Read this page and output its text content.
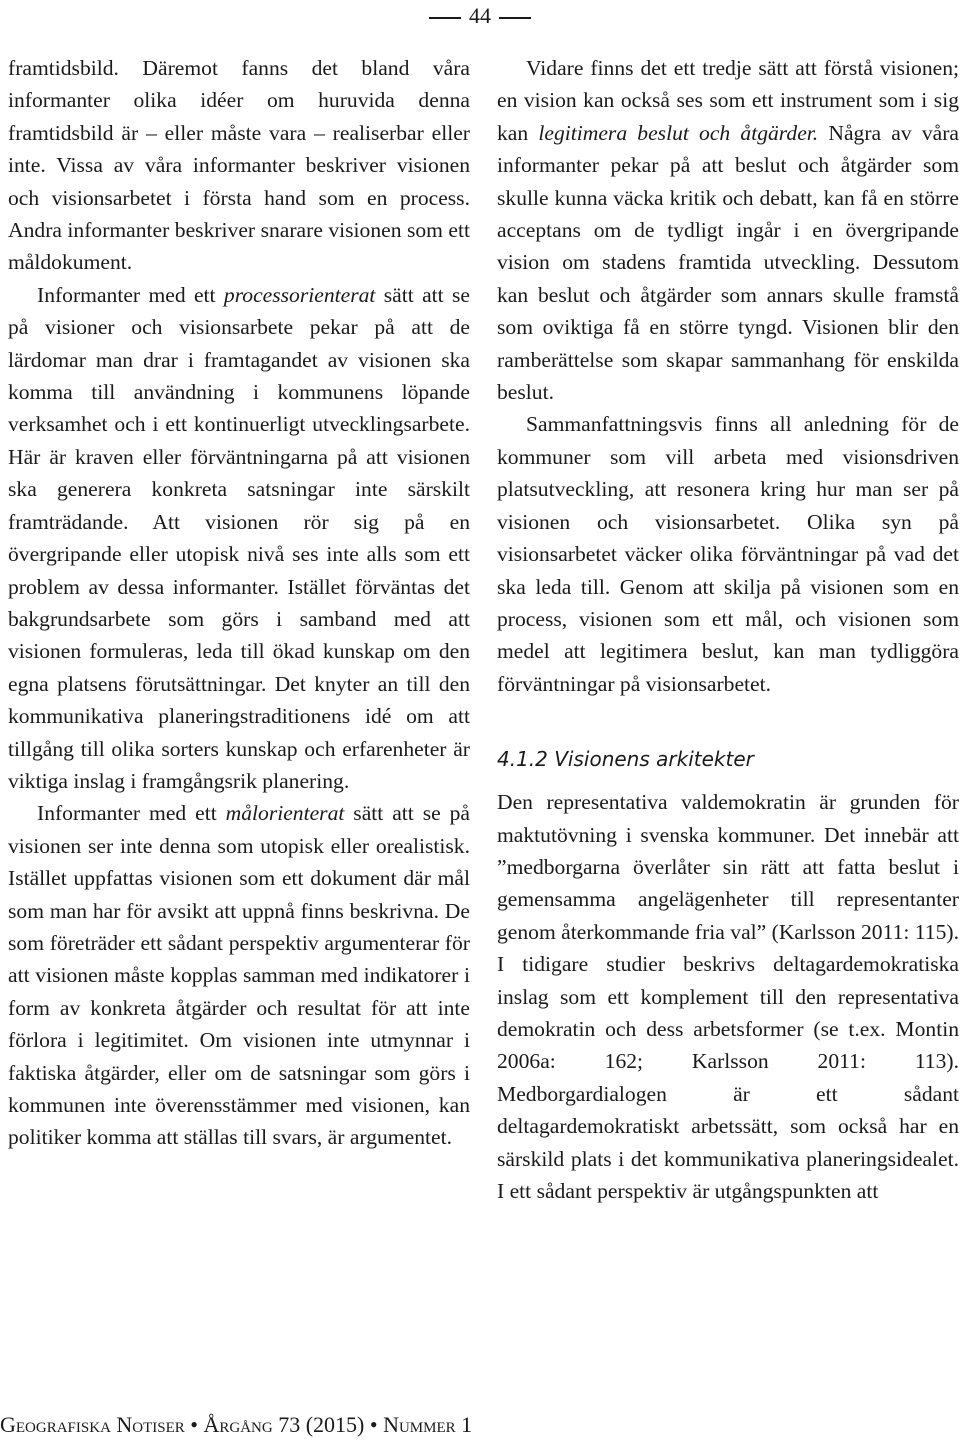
44

framtidsbild. Däremot fanns det bland våra informanter olika idéer om huruvida denna framtidsbild är – eller måste vara – realiserbar eller inte. Vissa av våra informanter beskriver visionen och visionsarbetet i första hand som en process. Andra informanter beskriver snarare visionen som ett måldokument.

Informanter med ett processorienterat sätt att se på visioner och visionsarbete pekar på att de lärdomar man drar i framtagandet av visionen ska komma till användning i kommunens löpande verksamhet och i ett kontinuerligt utvecklingsarbete. Här är kraven eller förväntningarna på att visionen ska generera konkreta satsningar inte särskilt framträdande. Att visionen rör sig på en övergripande eller utopisk nivå ses inte alls som ett problem av dessa informanter. Istället förväntas det bakgrundsarbete som görs i samband med att visionen formuleras, leda till ökad kunskap om den egna platsens förutsättningar. Det knyter an till den kommunikativa planeringstraditionens idé om att tillgång till olika sorters kunskap och erfarenheter är viktiga inslag i framgångsrik planering.

Informanter med ett målorienterat sätt att se på visionen ser inte denna som utopisk eller orealistisk. Istället uppfattas visionen som ett dokument där mål som man har för avsikt att uppnå finns beskrivna. De som företräder ett sådant perspektiv argumenterar för att visionen måste kopplas samman med indikatorer i form av konkreta åtgärder och resultat för att inte förlora i legitimitet. Om visionen inte utmynnar i faktiska åtgärder, eller om de satsningar som görs i kommunen inte överensstämmer med visionen, kan politiker komma att ställas till svars, är argumentet.

Vidare finns det ett tredje sätt att förstå visionen; en vision kan också ses som ett instrument som i sig kan legitimera beslut och åtgärder. Några av våra informanter pekar på att beslut och åtgärder som skulle kunna väcka kritik och debatt, kan få en större acceptans om de tydligt ingår i en övergripande vision om stadens framtida utveckling. Dessutom kan beslut och åtgärder som annars skulle framstå som oviktiga få en större tyngd. Visionen blir den ramberättelse som skapar sammanhang för enskilda beslut.

Sammanfattningsvis finns all anledning för de kommuner som vill arbeta med visionsdriven platsutveckling, att resonera kring hur man ser på visionen och visionsarbetet. Olika syn på visionsarbetet väcker olika förväntningar på vad det ska leda till. Genom att skilja på visionen som en process, visionen som ett mål, och visionen som medel att legitimera beslut, kan man tydliggöra förväntningar på visionsarbetet.

4.1.2 Visionens arkitekter

Den representativa valdemokratin är grunden för maktutövning i svenska kommuner. Det innebär att ”medborgarna överlåter sin rätt att fatta beslut i gemensamma angelägenheter till representanter genom återkommande fria val” (Karlsson 2011: 115). I tidigare studier beskrivs deltagardemokratiska inslag som ett komplement till den representativa demokratin och dess arbetsformer (se t.ex. Montin 2006a: 162; Karlsson 2011: 113). Medborgardialogen är ett sådant deltagardemokratiskt arbetssätt, som också har en särskild plats i det kommunikativa planeringsidealet. I ett sådant perspektiv är utgångspunkten att

Geografiska Notiser • Årgång 73 (2015) • Nummer 1
